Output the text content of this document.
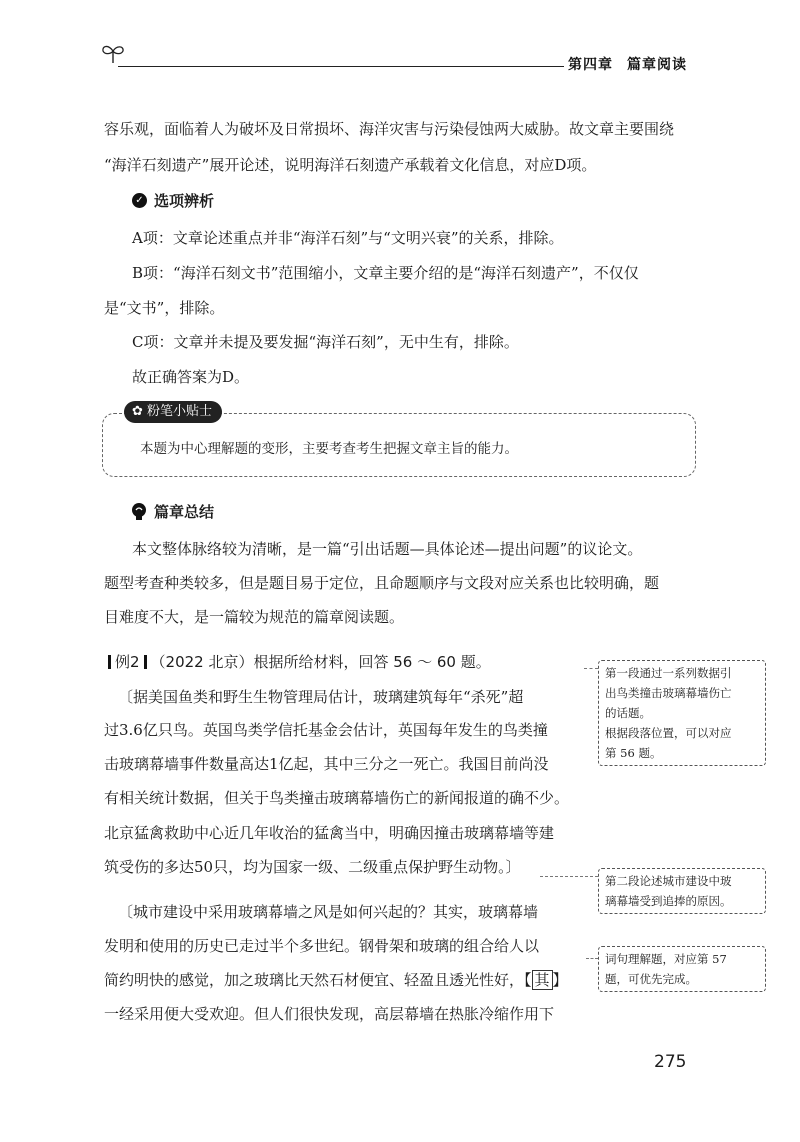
第四章 篇章阅读
容乐观，面临着人为破坏及日常损坏、海洋灾害与污染侵蚀两大威胁。故文章主要围绕
“海洋石刻遗产”展开论述，说明海洋石刻遗产承载着文化信息，对应D项。
✓ 选项辨析
A项：文章论述重点并非“海洋石刻”与“文明兴衰”的关系，排除。
B项：“海洋石刻文书”范围缩小，文章主要介绍的是“海洋石刻遗产”，不仅仅
是“文书”，排除。
C项：文章并未提及要发掘“海洋石刻”，无中生有，排除。
故正确答案为D。
✿ 粉笔小贴士
本题为中心理解题的变形，主要考查考生把握文章主旨的能力。
篇章总结
本文整体脉络较为清晰，是一篇“引出话题—具体论述—提出问题”的议论文。
题型考查种类较多，但是题目易于定位，且命题顺序与文段对应关系也比较明确，题
目难度不大，是一篇较为规范的篇章阅读题。
例2 （2022 北京）根据所给材料，回答 56 ～ 60 题。
〔据美国鱼类和野生生物管理局估计，玻璃建筑每年“杀死”超
过3.6亿只鸟。英国鸟类学信托基金会估计，英国每年发生的鸟类撞
击玻璃幕墙事件数量高达1亿起，其中三分之一死亡。我国目前尚没
有相关统计数据，但关于鸟类撞击玻璃幕墙伤亡的新闻报道的确不少。
北京猛禽救助中心近几年收治的猛禽当中，明确因撞击玻璃幕墙等建
筑受伤的多达50只，均为国家一级、二级重点保护野生动物。〕
〔城市建设中采用玻璃幕墙之风是如何兴起的？其实，玻璃幕墙
发明和使用的历史已走过半个多世纪。钢骨架和玻璃的组合给人以
简约明快的感觉，加之玻璃比天然石材便宜、轻盈且透光性好，【 其 】
一经采用便大受欢迎。但人们很快发现，高层幕墙在热胀冷缩作用下
第一段通过一系列数据引
出鸟类撞击玻璃幕墙伤亡
的话题。
根据段落位置，可以对应
第 56 题。
第二段论述城市建设中玻
璃幕墙受到追捧的原因。
词句理解题，对应第 57
题，可优先完成。
275
